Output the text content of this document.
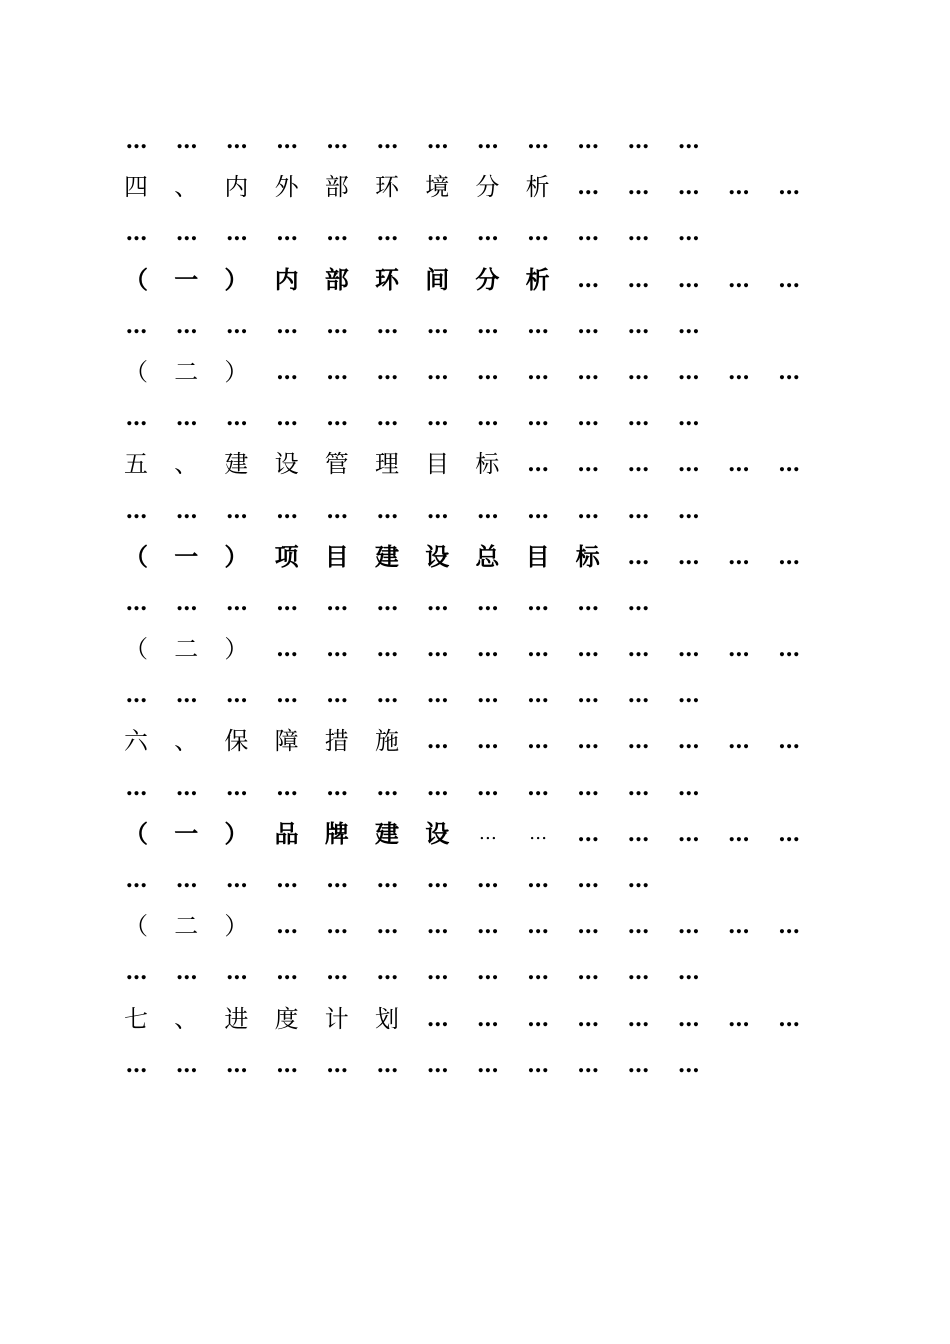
…	…	…	…	…	…	…	…	…	…	…	…
四	、	内	外	部	环	境	分	析	…	…	…	…	…
…	…	…	…	…	…	…	…	…	…	…	…
（	一	）	内	部	环	间	分	析	…	…	…	…	…
…	…	…	…	…	…	…	…	…	…	…	…
（	二	）	…	…	…	…	…	…	…	…	…	…	…
…	…	…	…	…	…	…	…	…	…	…	…
五	、	建	设	管	理	目	标	…	…	…	…	…	…
…	…	…	…	…	…	…	…	…	…	…	…
（	一	）	项	目	建	设	总	目	标	…	…	…	…
…	…	…	…	…	…	…	…	…	…	…
（	二	）	…	…	…	…	…	…	…	…	…	…	…
…	…	…	…	…	…	…	…	…	…	…	…
六	、	保	障	措	施	…	…	…	…	…	…	…	…
…	…	…	…	…	…	…	…	…	…	…	…
（	一	）	品	牌	建	设	…	…	…	…	…	…	…
…	…	…	…	…	…	…	…	…	…	…
（	二	）	…	…	…	…	…	…	…	…	…	…	…
…	…	…	…	…	…	…	…	…	…	…	…
七	、	进	度	计	划	…	…	…	…	…	…	…	…
…	…	…	…	…	…	…	…	…	…	…	…
